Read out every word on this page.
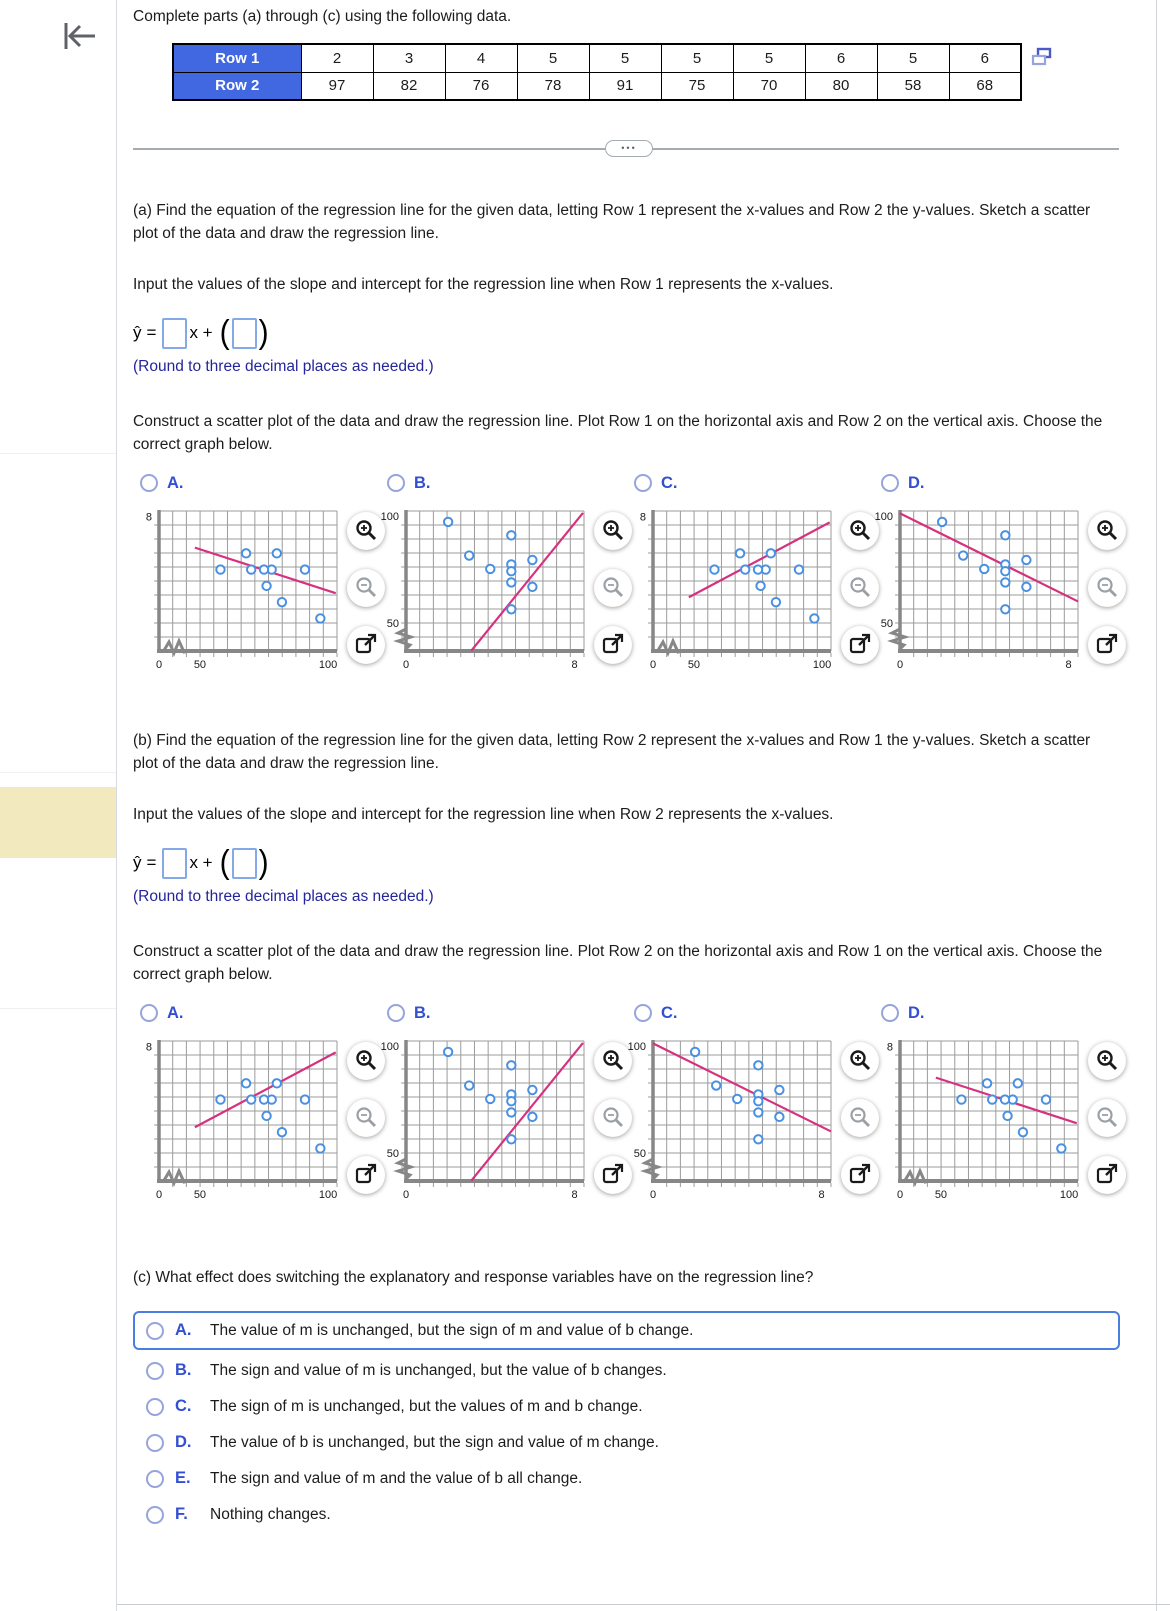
Complete parts (a) through (c) using the following data.

Row 1	2	3	4	5	5	5	5	6	5	6
Row 2	97	82	76	78	91	75	70	80	58	68
•••

(a) Find the equation of the regression line for the given data, letting Row 1 represent the x-values and Row 2 the y-values. Sketch a scatter plot of the data and draw the regression line.

Input the values of the slope and intercept for the regression line when Row 1 represents the x-values.

ŷ = x + ( )

(Round to three decimal places as needed.)

Construct a scatter plot of the data and draw the regression line. Plot Row 1 on the horizontal axis and Row 2 on the vertical axis. Choose the correct graph below.

A.
0	50	100
8
B.
0	8
100
50
C.
0	50	100
8
D.
0	8
100
50

(b) Find the equation of the regression line for the given data, letting Row 2 represent the x-values and Row 1 the y-values. Sketch a scatter plot of the data and draw the regression line.

Input the values of the slope and intercept for the regression line when Row 2 represents the x-values.

ŷ = x + ( )

(Round to three decimal places as needed.)

Construct a scatter plot of the data and draw the regression line. Plot Row 2 on the horizontal axis and Row 1 on the vertical axis. Choose the correct graph below.

A.
0	50	100
8
B.
0	8
100
50
C.
0	8
100
50
D.
0	50	100
8

(c) What effect does switching the explanatory and response variables have on the regression line?

A.	The value of m is unchanged, but the sign of m and value of b change.
B.	The sign and value of m is unchanged, but the value of b changes.
C.	The sign of m is unchanged, but the values of m and b change.
D.	The value of b is unchanged, but the sign and value of m change.
E.	The sign and value of m and the value of b all change.
F.	Nothing changes.
